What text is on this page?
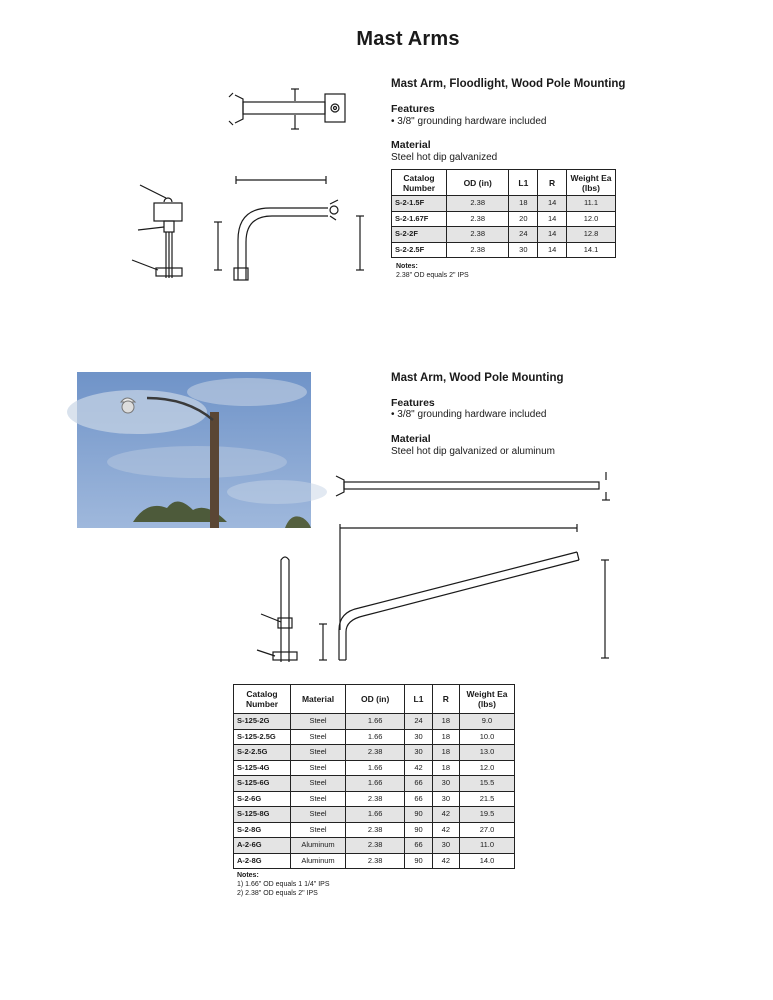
Mast Arms
Mast Arm, Floodlight, Wood Pole Mounting
Features
• 3/8" grounding hardware included
Material
Steel hot dip galvanized
Catalog Number	OD (in)	L1	R	Weight Ea (lbs)
S-2-1.5F	2.38	18	14	11.1
S-2-1.67F	2.38	20	14	12.0
S-2-2F	2.38	24	14	12.8
S-2-2.5F	2.38	30	14	14.1
Notes:
2.38" OD equals 2" IPS
Mast Arm, Wood Pole Mounting
Features
• 3/8" grounding hardware included
Material
Steel hot dip galvanized or aluminum
Catalog Number	Material	OD (in)	L1	R	Weight Ea (lbs)
S-125-2G	Steel	1.66	24	18	9.0
S-125-2.5G	Steel	1.66	30	18	10.0
S-2-2.5G	Steel	2.38	30	18	13.0
S-125-4G	Steel	1.66	42	18	12.0
S-125-6G	Steel	1.66	66	30	15.5
S-2-6G	Steel	2.38	66	30	21.5
S-125-8G	Steel	1.66	90	42	19.5
S-2-8G	Steel	2.38	90	42	27.0
A-2-6G	Aluminum	2.38	66	30	11.0
A-2-8G	Aluminum	2.38	90	42	14.0
Notes:
1) 1.66" OD equals 1 1/4" IPS
2) 2.38" OD equals 2" IPS
